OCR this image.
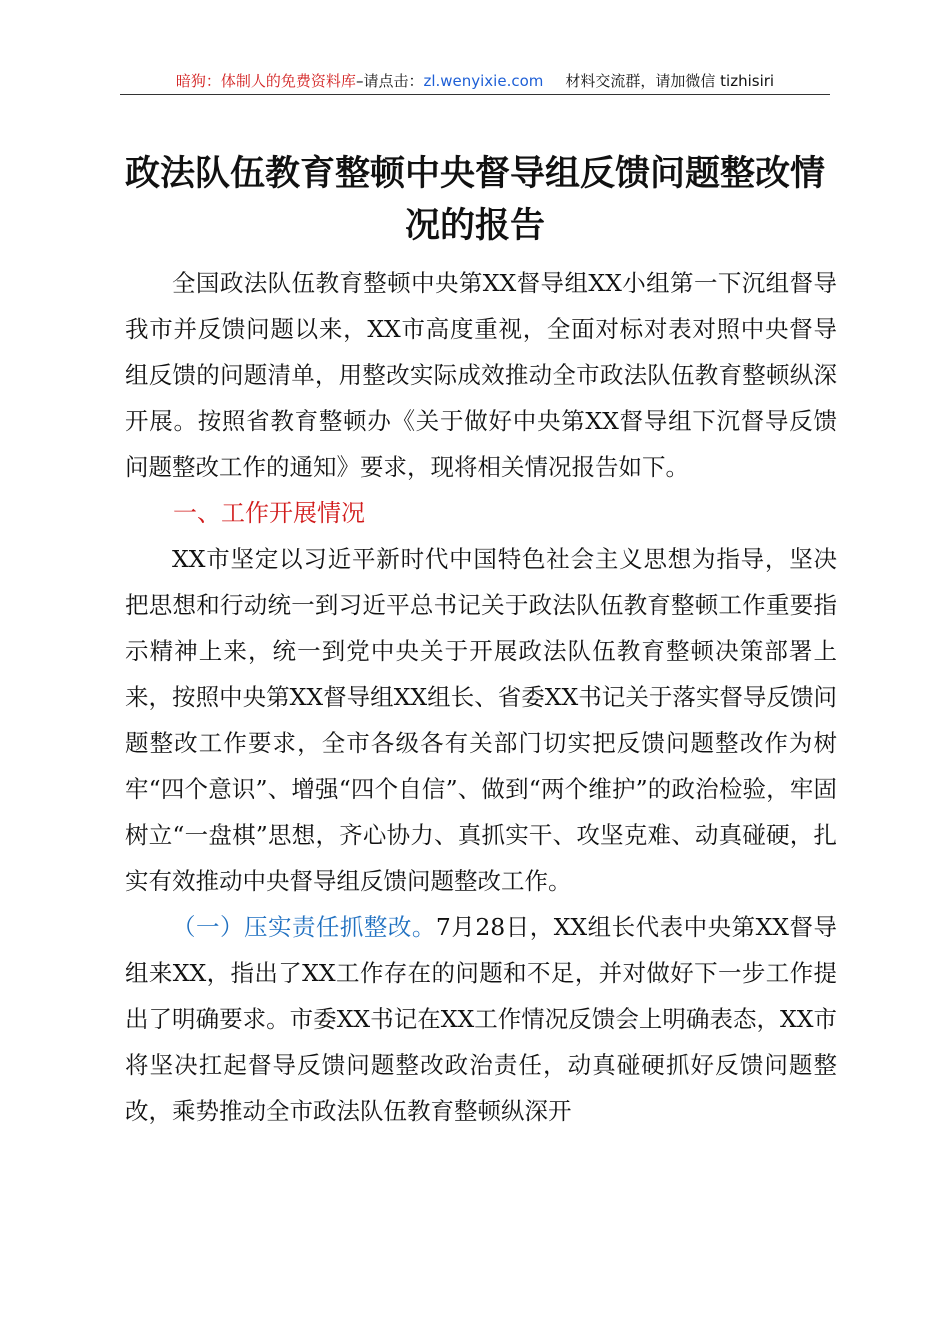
暗狗：体制人的免费资料库–请点击：zl.wenyixie.com 材料交流群，请加微信 tizhisiri
政法队伍教育整顿中央督导组反馈问题整改情
况的报告

全国政法队伍教育整顿中央第XX督导组XX小组第一下沉组督导我市并反馈问题以来，XX市高度重视，全面对标对表对照中央督导组反馈的问题清单，用整改实际成效推动全市政法队伍教育整顿纵深开展。按照省教育整顿办《关于做好中央第XX督导组下沉督导反馈问题整改工作的通知》要求，现将相关情况报告如下。

一、工作开展情况

XX市坚定以习近平新时代中国特色社会主义思想为指导，坚决把思想和行动统一到习近平总书记关于政法队伍教育整顿工作重要指示精神上来，统一到党中央关于开展政法队伍教育整顿决策部署上来，按照中央第XX督导组XX组长、省委XX书记关于落实督导反馈问题整改工作要求，全市各级各有关部门切实把反馈问题整改作为树牢“四个意识”、增强“四个自信”、做到“两个维护”的政治检验，牢固树立“一盘棋”思想，齐心协力、真抓实干、攻坚克难、动真碰硬，扎实有效推动中央督导组反馈问题整改工作。

（一）压实责任抓整改。7月28日，XX组长代表中央第XX督导组来XX，指出了XX工作存在的问题和不足，并对做好下一步工作提出了明确要求。市委XX书记在XX工作情况反馈会上明确表态，XX市将坚决扛起督导反馈问题整改政治责任，动真碰硬抓好反馈问题整改，乘势推动全市政法队伍教育整顿纵深开
